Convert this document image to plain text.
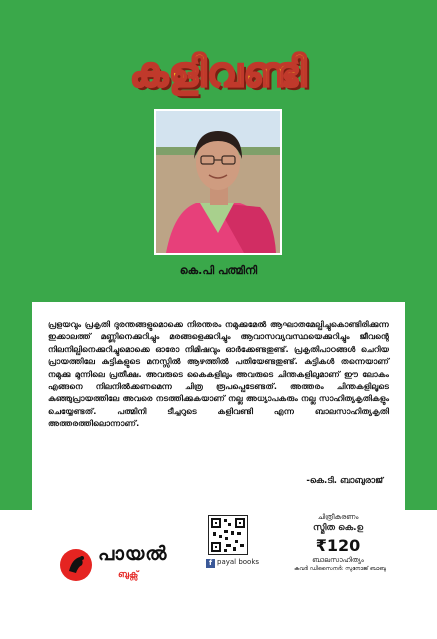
കളിവണ്ടി
കെ.പി പത്മിനി

പ്രളയവും പ്രകൃതി ദുരന്തങ്ങളുമൊക്കെ നിരന്തരം നമുക്കുമേൽ ആഘാതമേല്പിച്ചുകൊണ്ടിരിക്കുന്ന ഇക്കാലത്ത് മണ്ണിനെക്കുറിച്ചും മരങ്ങളെക്കുറിച്ചും ആവാസവ്യവസ്ഥയെക്കുറിച്ചും ജീവന്റെ നിലനില്പിനെക്കുറിച്ചുമൊക്കെ ഓരോ നിമിഷവും ഓർക്കേണ്ടതുണ്ട്. പ്രകൃതിപാഠങ്ങൾ ചെറിയ പ്രായത്തിലേ കുട്ടികളുടെ മനസ്സിൽ ആഴത്തിൽ പതിയേണ്ടതുണ്ട്. കുട്ടികൾ തന്നെയാണ് നമുക്കു മുന്നിലെ പ്രതീക്ഷ. അവരുടെ കൈകളിലും അവരുടെ ചിന്തകളിലുമാണ് ഈ ലോകം എങ്ങനെ നിലനിൽക്കണമെന്ന ചിത്ര രൂപപ്പെടേണ്ടത്. അത്തരം ചിന്തകളിലൂടെ കുഞ്ഞുപ്രായത്തിലേ അവരെ നടത്തിക്കുകയാണ് നല്ല അധ്യാപകരും നല്ല സാഹിത്യകൃതികളും ചെയ്യേണ്ടത്. പത്മിനി ടീച്ചറുടെ കളിവണ്ടി എന്ന ബാലസാഹിത്യകൃതി അത്തരത്തിലൊന്നാണ്.

-കെ.ടി. ബാബുരാജ്
പായൽ
ബുക്സ്
f payal books
ചിത്രീകരണം
സ്മിത കെ.ഉ
₹120
ബാലസാഹിത്യം
കവർ ഡിസൈനർ: സുനോജ് ബാബു
